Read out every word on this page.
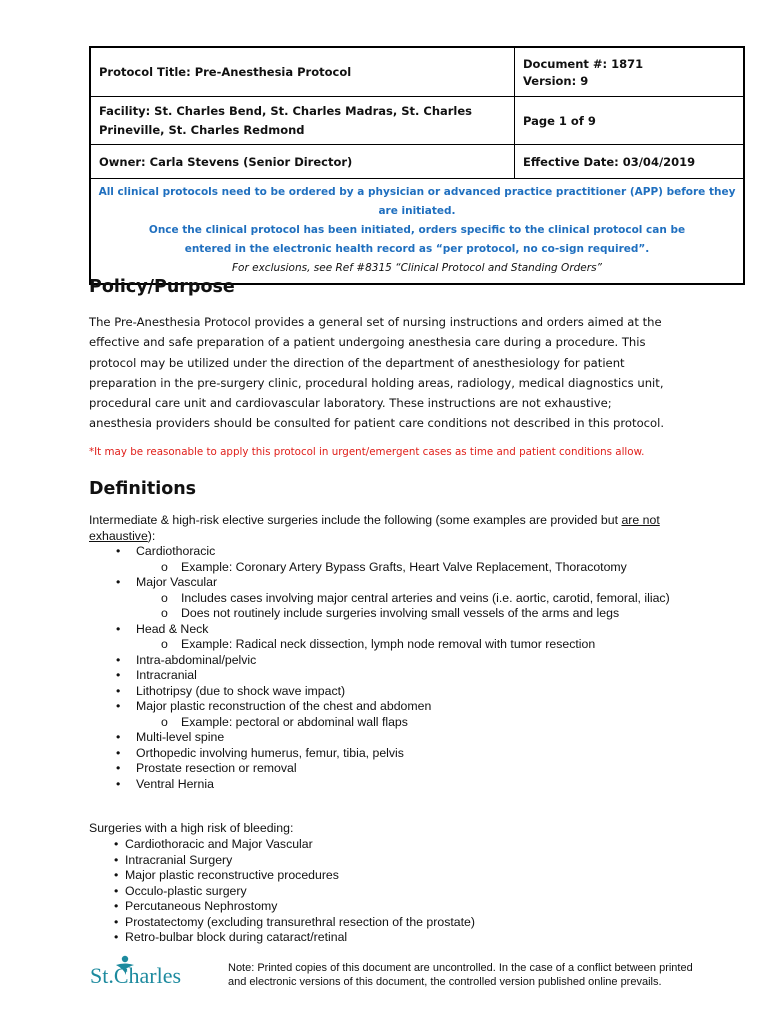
Protocol Title: Pre-Anesthesia Protocol
Document #: 1871
Version: 9
Facility: St. Charles Bend, St. Charles Madras, St. Charles Prineville, St. Charles Redmond
Page 1 of 9
Owner: Carla Stevens (Senior Director)	Effective Date: 03/04/2019
All clinical protocols need to be ordered by a physician or advanced practice practitioner (APP) before they are initiated.
Once the clinical protocol has been initiated, orders specific to the clinical protocol can be entered in the electronic health record as “per protocol, no co-sign required”.
For exclusions, see Ref #8315 “Clinical Protocol and Standing Orders”
Policy/Purpose

The Pre-Anesthesia Protocol provides a general set of nursing instructions and orders aimed at the effective and safe preparation of a patient undergoing anesthesia care during a procedure. This protocol may be utilized under the direction of the department of anesthesiology for patient preparation in the pre-surgery clinic, procedural holding areas, radiology, medical diagnostics unit, procedural care unit and cardiovascular laboratory. These instructions are not exhaustive; anesthesia providers should be consulted for patient care conditions not described in this protocol.

*It may be reasonable to apply this protocol in urgent/emergent cases as time and patient conditions allow.

Definitions

Intermediate & high-risk elective surgeries include the following (some examples are provided but are not exhaustive):

• Cardiothoracic
o Example: Coronary Artery Bypass Grafts, Heart Valve Replacement, Thoracotomy
• Major Vascular
o Includes cases involving major central arteries and veins (i.e. aortic, carotid, femoral, iliac)
o Does not routinely include surgeries involving small vessels of the arms and legs
• Head & Neck
o Example: Radical neck dissection, lymph node removal with tumor resection
• Intra-abdominal/pelvic
• Intracranial
• Lithotripsy (due to shock wave impact)
• Major plastic reconstruction of the chest and abdomen
o Example: pectoral or abdominal wall flaps
• Multi-level spine
• Orthopedic involving humerus, femur, tibia, pelvis
• Prostate resection or removal
• Ventral Hernia

Surgeries with a high risk of bleeding:

• Cardiothoracic and Major Vascular
• Intracranial Surgery
• Major plastic reconstructive procedures
• Occulo-plastic surgery
• Percutaneous Nephrostomy
• Prostatectomy (excluding transurethral resection of the prostate)
• Retro-bulbar block during cataract/retinal
St.Charles	Note: Printed copies of this document are uncontrolled. In the case of a conflict between printed and electronic versions of this document, the controlled version published online prevails.
